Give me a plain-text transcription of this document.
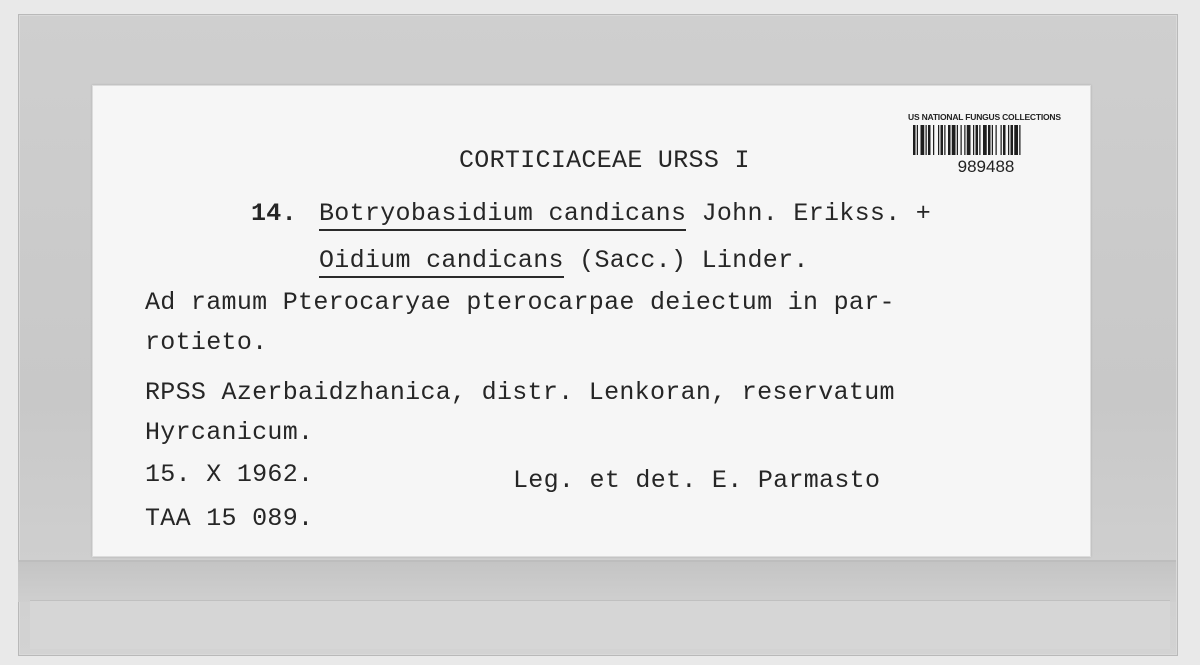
CORTICIACEAE URSS I
14. Botryobasidium candicans John. Erikss. +
Oidium candicans (Sacc.) Linder.
Ad ramum Pterocaryae pterocarpae deiectum in par-
rotieto.
RPSS Azerbaidzhanica, distr. Lenkoran, reservatum
Hyrcanicum.
15. X 1962.	Leg. et det. E. Parmasto
TAA 15 089.
US NATIONAL FUNGUS COLLECTIONS
989488
